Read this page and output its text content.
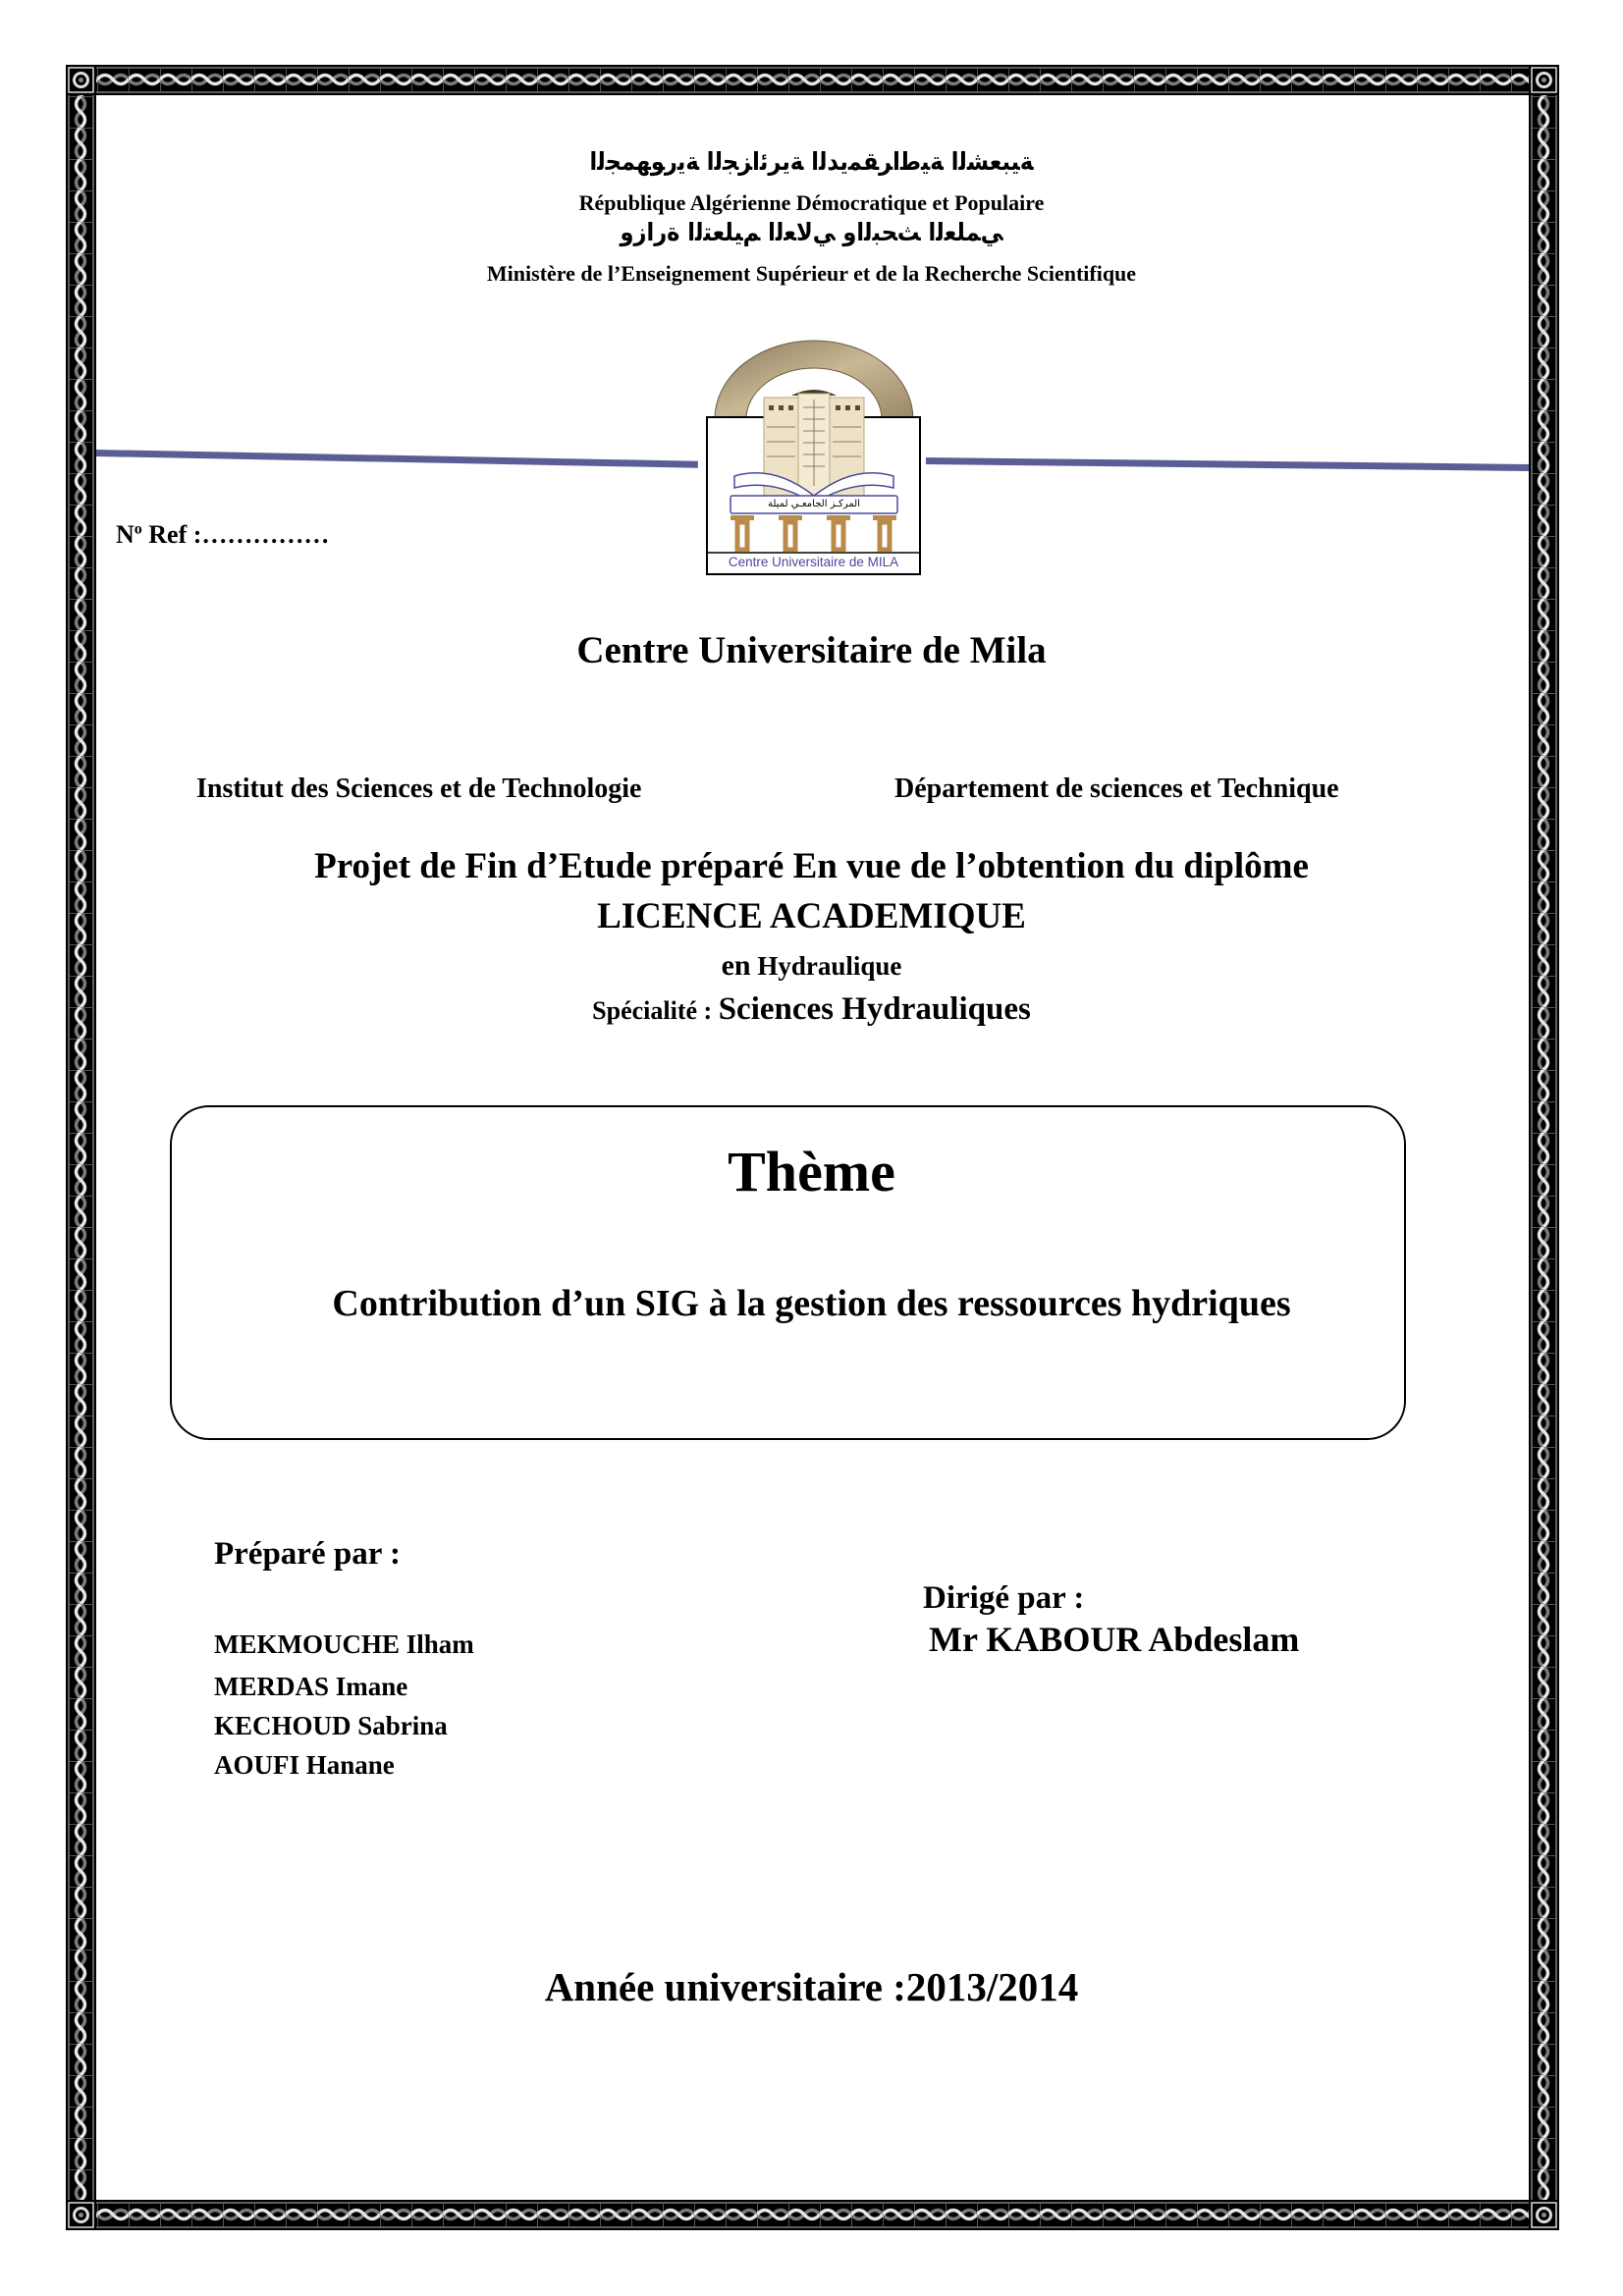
ﺔﻴﺒﻌﺸﻟﺍ ﺔﻴﻃﺍﺮﻘﻤﻳﺪﻟﺍ ﺔﻳﺮﺋﺍﺰﺠﻟﺍ ﺔﻳﺭﻮﻬﻤﺠﻟﺍ
République Algérienne Démocratique et Populaire
ﻲﻤﻠﻌﻟﺍ ﺚﺤﺒﻟﺍﻭ ﻲﻟﺎﻌﻟﺍ ﻢﻴﻠﻌﺘﻟﺍ ﺓﺭﺍﺯﻭ
Ministère de l’Enseignement Supérieur et de la Recherche Scientifique
المركـز الجامعـي لميلة
Centre Universitaire de MILA
$N^o$ Ref :……………
Centre Universitaire de Mila
Institut des Sciences et de Technologie	Département de sciences et Technique
Projet de Fin d’Etude préparé En vue de l’obtention du diplôme
LICENCE ACADEMIQUE
en Hydraulique
Spécialité : Sciences Hydrauliques
Thème
Contribution d’un SIG à la gestion des ressources hydriques
Préparé par :
MEKMOUCHE Ilham
MERDAS Imane
KECHOUD Sabrina
AOUFI Hanane
Dirigé par :
Mr KABOUR Abdeslam
Année universitaire :2013/2014
